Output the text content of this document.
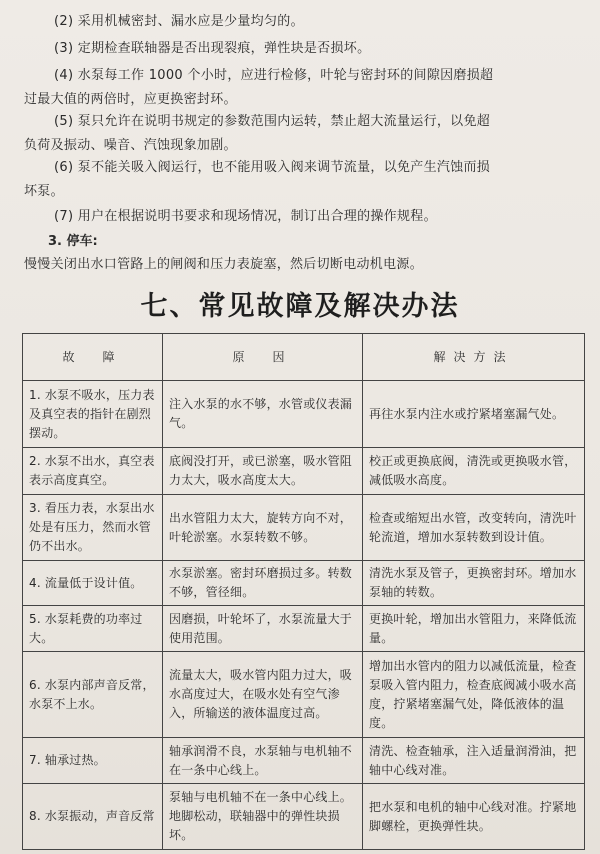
(2) 采用机械密封、漏水应是少量均匀的。

(3) 定期检查联轴器是否出现裂痕，弹性块是否损坏。

(4) 水泵每工作 1000 个小时，应进行检修，叶轮与密封环的间隙因磨损超
过最大值的两倍时，应更换密封环。

(5) 泵只允许在说明书规定的参数范围内运转，禁止超大流量运行，以免超
负荷及振动、噪音、汽蚀现象加剧。

(6) 泵不能关吸入阀运行，也不能用吸入阀来调节流量，以免产生汽蚀而损
坏泵。

(7) 用户在根据说明书要求和现场情况，制订出合理的操作规程。

3. 停车:

慢慢关闭出水口管路上的闸阀和压力表旋塞，然后切断电动机电源。

七、常见故障及解决办法
故　障	原　因	解决方法
1. 水泵不吸水，压力表及真空表的指针在剧烈摆动。	注入水泵的水不够，水管或仪表漏气。	再往水泵内注水或拧紧堵塞漏气处。
2. 水泵不出水，真空表表示高度真空。	底阀没打开，或已淤塞，吸水管阻力太大，吸水高度太大。	校正或更换底阀，清洗或更换吸水管，减低吸水高度。
3. 看压力表，水泵出水处是有压力，然而水管仍不出水。	出水管阻力太大，旋转方向不对，叶轮淤塞。水泵转数不够。	检查或缩短出水管，改变转向，清洗叶轮流道，增加水泵转数到设计值。
4. 流量低于设计值。	水泵淤塞。密封环磨损过多。转数不够，管径细。	清洗水泵及管子，更换密封环。增加水泵轴的转数。
5. 水泵耗费的功率过大。	因磨损，叶轮坏了，水泵流量大于使用范围。	更换叶轮，增加出水管阻力，来降低流量。
6. 水泵内部声音反常，水泵不上水。	流量太大，吸水管内阻力过大，吸水高度过大，在吸水处有空气渗入，所输送的液体温度过高。	增加出水管内的阻力以减低流量，检查泵吸入管内阻力，检查底阀减小吸水高度，拧紧堵塞漏气处，降低液体的温度。
7. 轴承过热。	轴承润滑不良，水泵轴与电机轴不在一条中心线上。	清洗、检查轴承，注入适量润滑油，把轴中心线对准。
8. 水泵振动，声音反常	泵轴与电机轴不在一条中心线上。地脚松动，联轴器中的弹性块损坏。	把水泵和电机的轴中心线对准。拧紧地脚螺栓，更换弹性块。
